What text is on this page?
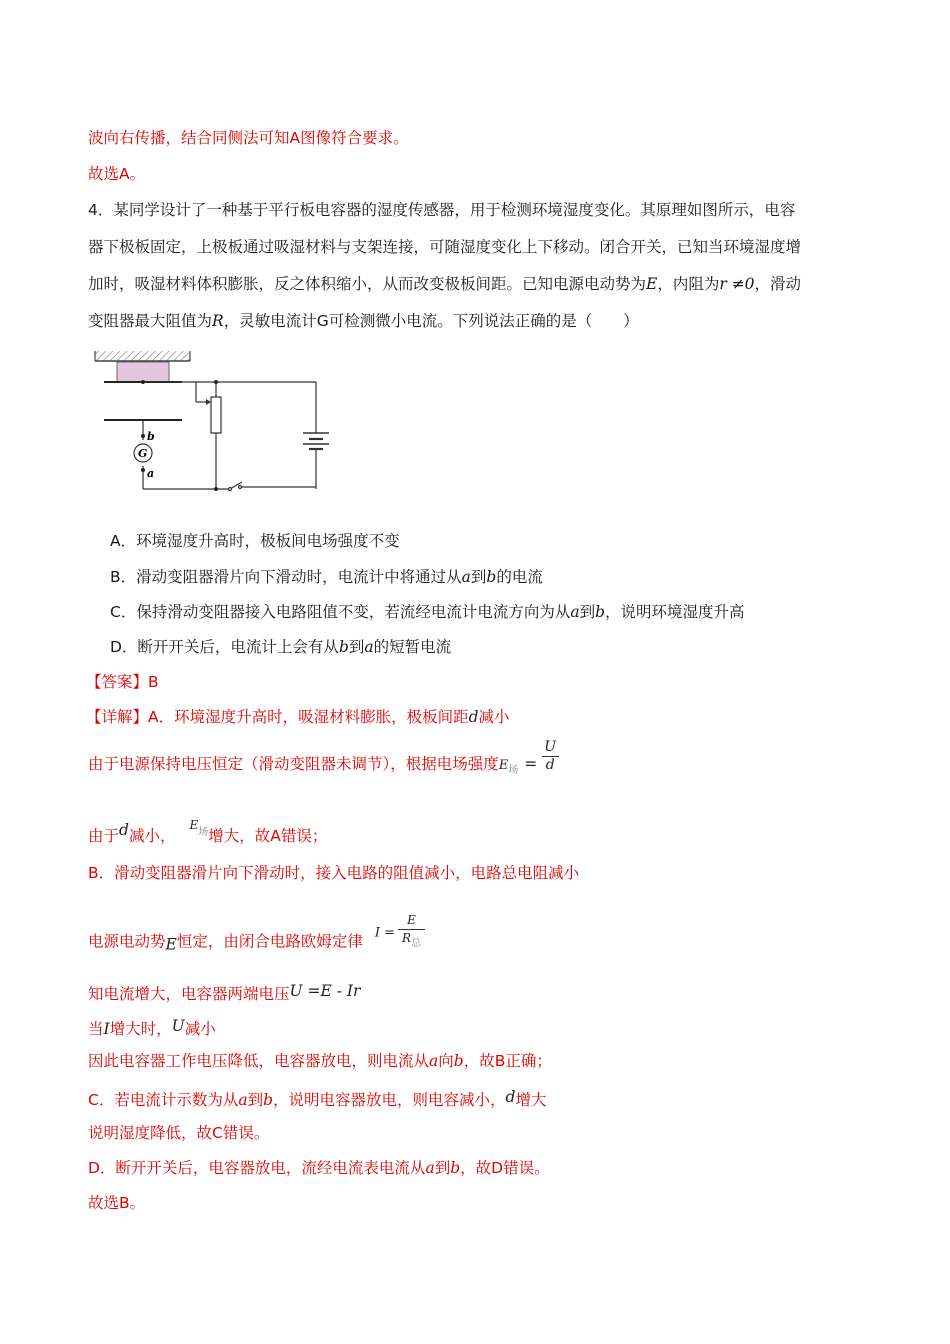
波向右传播，结合同侧法可知A图像符合要求。
故选A。
4．某同学设计了一种基于平行板电容器的湿度传感器，用于检测环境湿度变化。其原理如图所示，电容
器下极板固定，上极板通过吸湿材料与支架连接，可随湿度变化上下移动。闭合开关，已知当环境湿度增
加时，吸湿材料体积膨胀，反之体积缩小，从而改变极板间距。已知电源电动势为E，内阻为r ≠0，滑动
变阻器最大阻值为R，灵敏电流计G可检测微小电流。下列说法正确的是（　　）
b
G
a
A．环境湿度升高时，极板间电场强度不变
B．滑动变阻器滑片向下滑动时，电流计中将通过从a到b的电流
C．保持滑动变阻器接入电路阻值不变，若流经电流计电流方向为从a到b，说明环境湿度升高
D．断开开关后，电流计上会有从b到a的短暂电流
【答案】B
【详解】A．环境湿度升高时，吸湿材料膨胀，极板间距d减小
由于电源保持电压恒定（滑动变阻器未调节），根据电场强度$E_场 = \frac{U}{d}$
由于d减小，$^{E场}$增大，故A错误；
B．滑动变阻器滑片向下滑动时，接入电路的阻值减小，电路总电阻减小
电源电动势E恒定，由闭合电路欧姆定律 $I = \frac{E}{R_总}$
知电流增大，电容器两端电压U =E - Ir
当I增大时，U减小
因此电容器工作电压降低，电容器放电，则电流从a向b，故B正确；
C．若电流计示数为从a到b，说明电容器放电，则电容减小，d增大
说明湿度降低，故C错误。
D．断开开关后，电容器放电，流经电流表电流从a到b，故D错误。
故选B。
